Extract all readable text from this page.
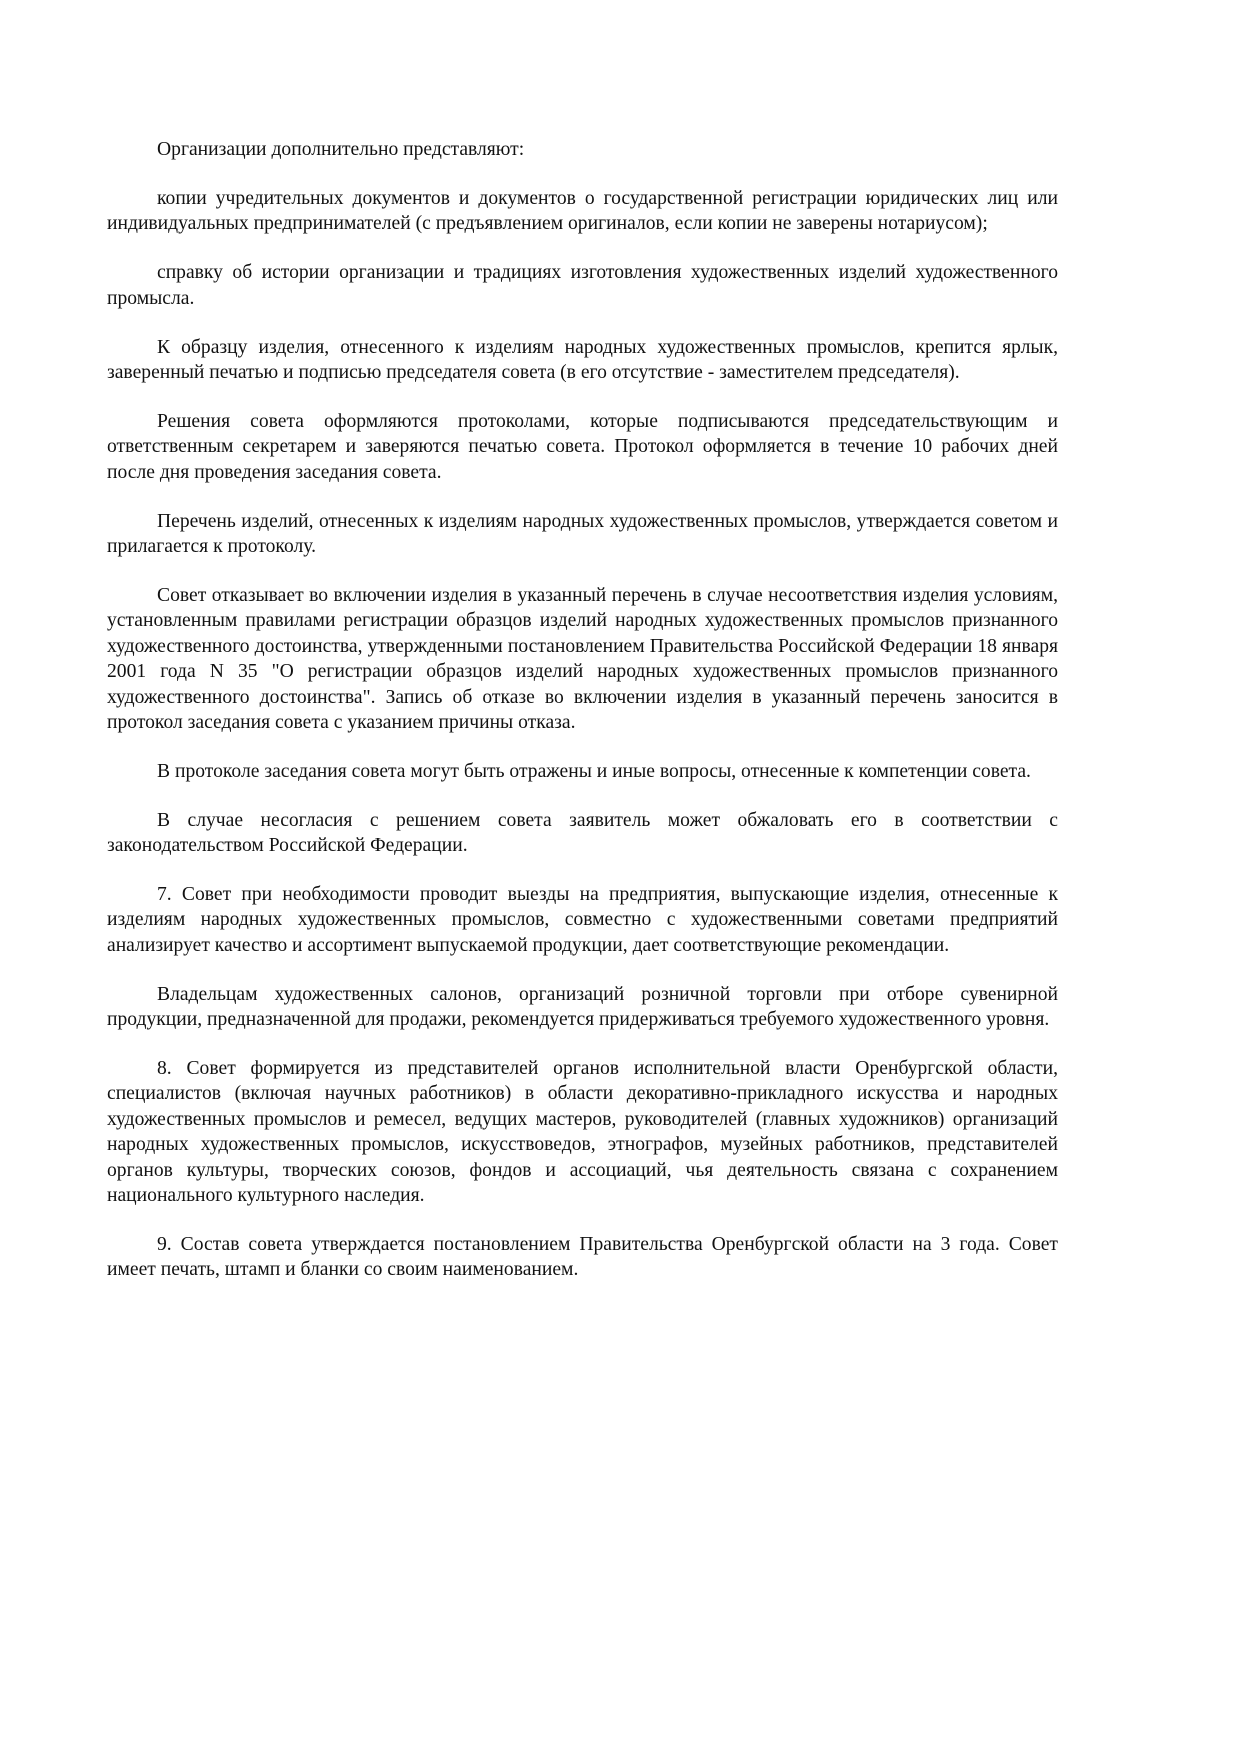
Организации дополнительно представляют:

копии учредительных документов и документов о государственной регистрации юридических лиц или индивидуальных предпринимателей (с предъявлением оригиналов, если копии не заверены нотариусом);

справку об истории организации и традициях изготовления художественных изделий художественного промысла.

К образцу изделия, отнесенного к изделиям народных художественных промыслов, крепится ярлык, заверенный печатью и подписью председателя совета (в его отсутствие - заместителем председателя).

Решения совета оформляются протоколами, которые подписываются председательствующим и ответственным секретарем и заверяются печатью совета. Протокол оформляется в течение 10 рабочих дней после дня проведения заседания совета.

Перечень изделий, отнесенных к изделиям народных художественных промыслов, утверждается советом и прилагается к протоколу.

Совет отказывает во включении изделия в указанный перечень в случае несоответствия изделия условиям, установленным правилами регистрации образцов изделий народных художественных промыслов признанного художественного достоинства, утвержденными постановлением Правительства Российской Федерации 18 января 2001 года N 35 "О регистрации образцов изделий народных художественных промыслов признанного художественного достоинства". Запись об отказе во включении изделия в указанный перечень заносится в протокол заседания совета с указанием причины отказа.

В протоколе заседания совета могут быть отражены и иные вопросы, отнесенные к компетенции совета.

В случае несогласия с решением совета заявитель может обжаловать его в соответствии с законодательством Российской Федерации.

7. Совет при необходимости проводит выезды на предприятия, выпускающие изделия, отнесенные к изделиям народных художественных промыслов, совместно с художественными советами предприятий анализирует качество и ассортимент выпускаемой продукции, дает соответствующие рекомендации.

Владельцам художественных салонов, организаций розничной торговли при отборе сувенирной продукции, предназначенной для продажи, рекомендуется придерживаться требуемого художественного уровня.

8. Совет формируется из представителей органов исполнительной власти Оренбургской области, специалистов (включая научных работников) в области декоративно-прикладного искусства и народных художественных промыслов и ремесел, ведущих мастеров, руководителей (главных художников) организаций народных художественных промыслов, искусствоведов, этнографов, музейных работников, представителей органов культуры, творческих союзов, фондов и ассоциаций, чья деятельность связана с сохранением национального культурного наследия.

9. Состав совета утверждается постановлением Правительства Оренбургской области на 3 года. Совет имеет печать, штамп и бланки со своим наименованием.
